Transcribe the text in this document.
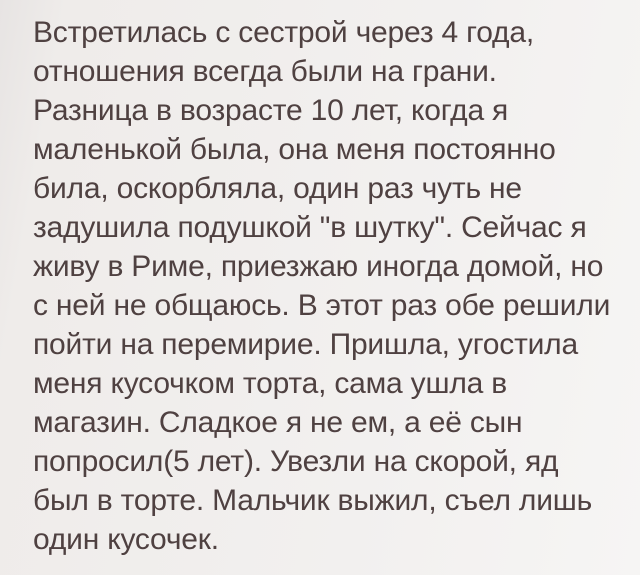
Встретилась с сестрой через 4 года,
отношения всегда были на грани.
Разница в возрасте 10 лет, когда я
маленькой была, она меня постоянно
била, оскорбляла, один раз чуть не
задушила подушкой "в шутку". Сейчас я
живу в Риме, приезжаю иногда домой, но
с ней не общаюсь. В этот раз обе решили
пойти на перемирие. Пришла, угостила
меня кусочком торта, сама ушла в
магазин. Сладкое я не ем, а её сын
попросил(5 лет). Увезли на скорой, яд
был в торте. Мальчик выжил, съел лишь
один кусочек.
